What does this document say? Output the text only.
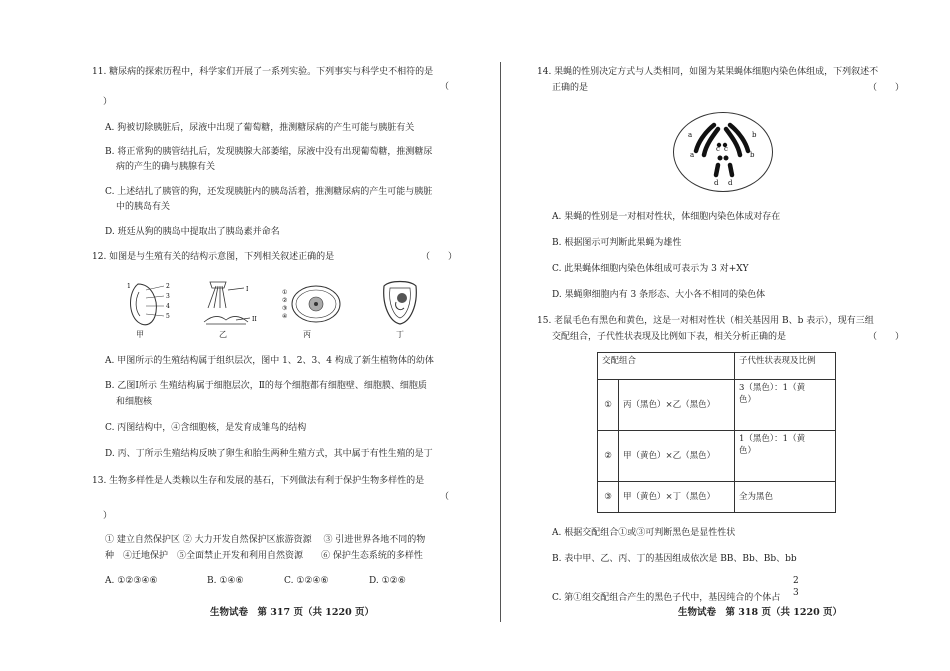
11. 糖尿病的探索历程中，科学家们开展了一系列实验。下列事实与科学史不相符的是
（
）
A. 狗被切除胰脏后，尿液中出现了葡萄糖，推测糖尿病的产生可能与胰脏有关
B. 将正常狗的胰管结扎后，发现胰腺大部萎缩，尿液中没有出现葡萄糖，推测糖尿
病的产生的确与胰腺有关
C. 上述结扎了胰管的狗，还发现胰脏内的胰岛活着，推测糖尿病的产生可能与胰脏
中的胰岛有关
D. 班廷从狗的胰岛中提取出了胰岛素并命名
12. 如图是与生殖有关的结构示意图，下列相关叙述正确的是	（　　）
1	2
3
4
5
甲
I
II
乙
①
②
③
④
丙	丁
A. 甲图所示的生殖结构属于组织层次，图中 1、2、3、4 构成了新生植物体的幼体
B. 乙图Ⅰ所示 生殖结构属于细胞层次，Ⅱ的每个细胞都有细胞壁、细胞膜、细胞质
和细胞核
C. 丙图结构中，④含细胞核，是发育成雏鸟的结构
D. 丙、丁所示生殖结构反映了卵生和胎生两种生殖方式，其中属于有性生殖的是丁
13. 生物多样性是人类赖以生存和发展的基石，下列做法有利于保护生物多样性的是
（
）
① 建立自然保护区 ② 大力开发自然保护区旅游资源　 ③ 引进世界各地不同的物
种　④迁地保护　⑤全面禁止开发和利用自然资源　　⑥ 保护生态系统的多样性
A. ①②③④⑥	B. ①④⑥	C. ①②④⑥	D. ①②⑥
生物试卷　第 317 页（共 1220 页）
14. 果蝇的性别决定方式与人类相同，如图为某果蝇体细胞内染色体组成，下列叙述不
正确的是	（　　）
a
a
b
b
c c
d d
A. 果蝇的性别是一对相对性状，体细胞内染色体成对存在
B. 根据图示可判断此果蝇为雄性
C. 此果蝇体细胞内染色体组成可表示为 3 对+XY
D. 果蝇卵细胞内有 3 条形态、大小各不相同的染色体
15. 老鼠毛色有黑色和黄色，这是一对相对性状（相关基因用 B、b 表示），现有三组
交配组合，子代性状表现及比例如下表，相关分析正确的是	（　　）
交配组合		子代性状表现及比例
①	丙（黑色）×乙（黑色）	3（黑色）：1（黄
色）

②	甲（黄色）×乙（黑色）	1（黑色）：1（黄
色）

③	甲（黄色）×丁（黑色）	全为黑色
A. 根据交配组合①或③可判断黑色是显性性状
B. 表中甲、乙、丙、丁的基因组成依次是 BB、Bb、Bb、bb
C. 第①组交配组合产生的黑色子代中，基因纯合的个体占
2
3
生物试卷　第 318 页（共 1220 页）
